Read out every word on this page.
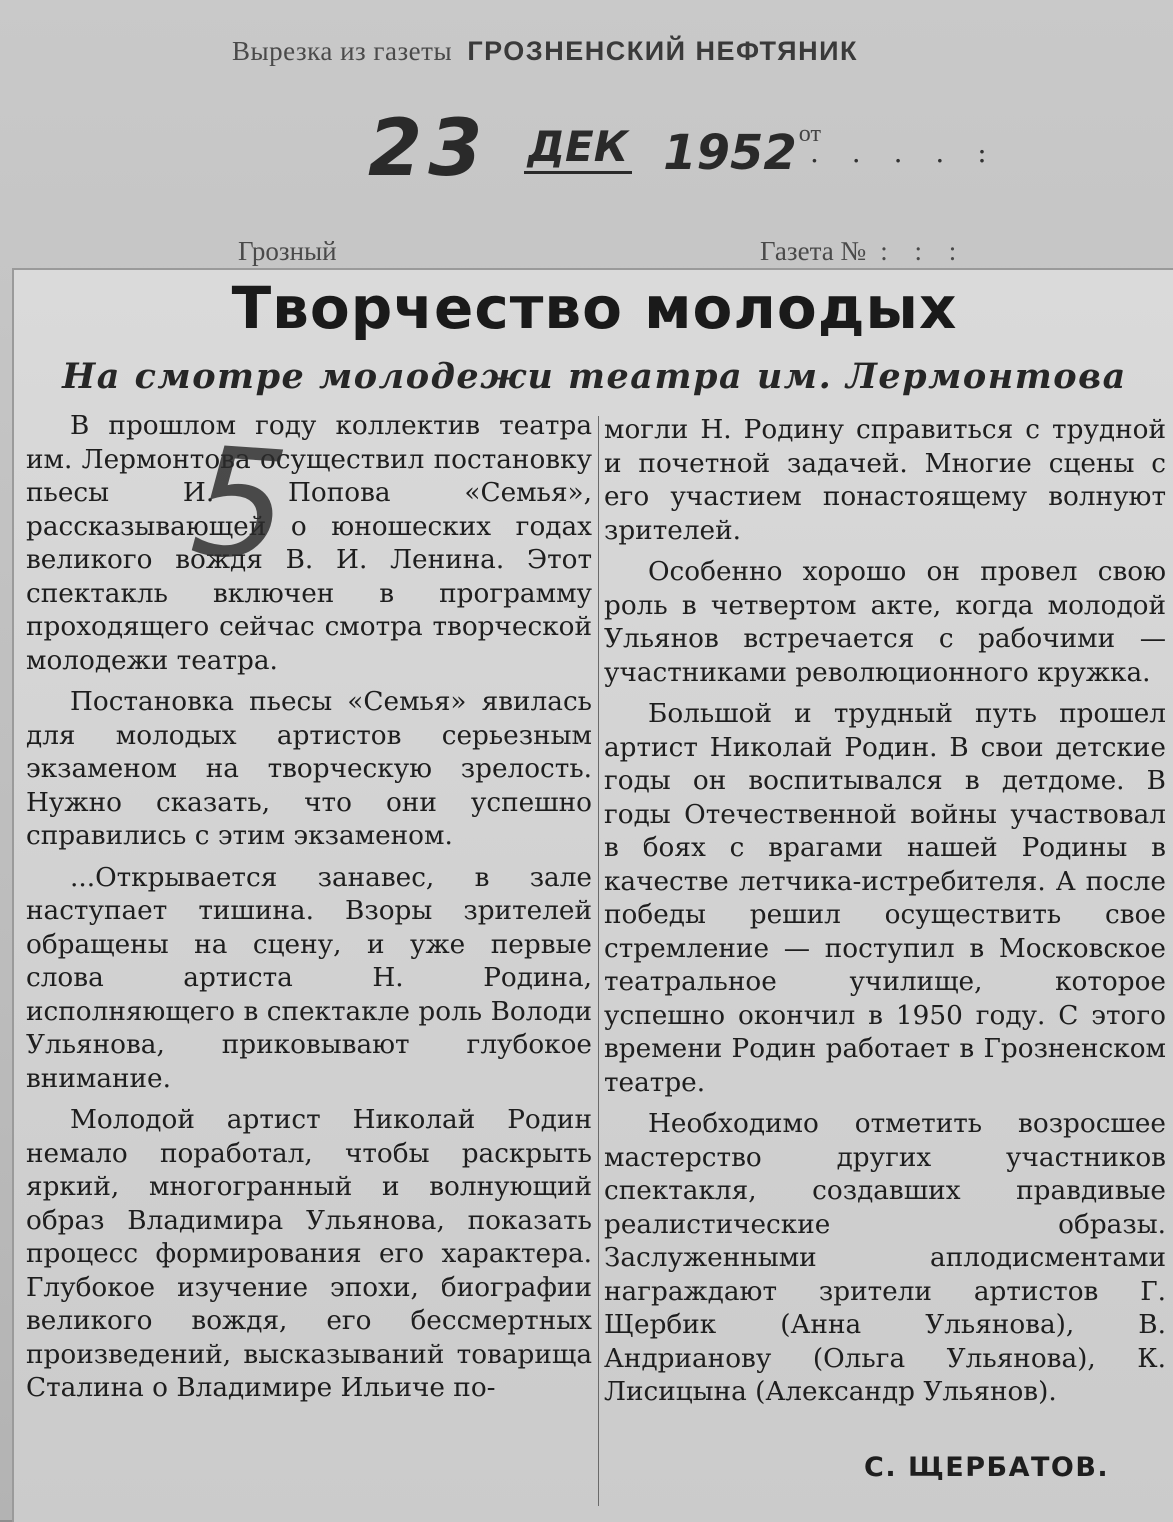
Вырезка из газеты ГРОЗНЕНСКИЙ НЕФТЯНИК
23 ДЕК 1952от
. . . . :
Грозный	Газета № : : :
Творчество молодых
На смотре молодежи театра им. Лермонтова

В прошлом году коллектив театра им. Лермонтова осуществил постановку пьесы И. Попова «Семья», рассказывающей о юношеских годах великого вождя В. И. Ленина. Этот спектакль включен в программу проходящего сейчас смотра творческой молодежи театра.

Постановка пьесы «Семья» явилась для молодых артистов серьезным экзаменом на творческую зрелость. Нужно сказать, что они успешно справились с этим экзаменом.

...Открывается занавес, в зале наступает тишина. Взоры зрителей обращены на сцену, и уже первые слова артиста Н. Родина, исполняющего в спектакле роль Володи Ульянова, приковывают глубокое внимание.

Молодой артист Николай Родин немало поработал, чтобы раскрыть яркий, многогранный и волнующий образ Владимира Ульянова, показать процесс формирования его характера. Глубокое изучение эпохи, биографии великого вождя, его бессмертных произведений, высказываний товарища Сталина о Владимире Ильиче по-

могли Н. Родину справиться с трудной и почетной задачей. Многие сцены с его участием понастоящему волнуют зрителей.

Особенно хорошо он провел свою роль в четвертом акте, когда молодой Ульянов встречается с рабочими — участниками революционного кружка.

Большой и трудный путь прошел артист Николай Родин. В свои детские годы он воспитывался в детдоме. В годы Отечественной войны участвовал в боях с врагами нашей Родины в качестве летчика-истребителя. А после победы решил осуществить свое стремление — поступил в Московское театральное училище, которое успешно окончил в 1950 году. С этого времени Родин работает в Грозненском театре.

Необходимо отметить возросшее мастерство других участников спектакля, создавших правдивые реалистические образы. Заслуженными аплодисментами награждают зрители артистов Г. Щербик (Анна Ульянова), В. Андрианову (Ольга Ульянова), К. Лисицына (Александр Ульянов).

С. ЩЕРБАТОВ.
5
